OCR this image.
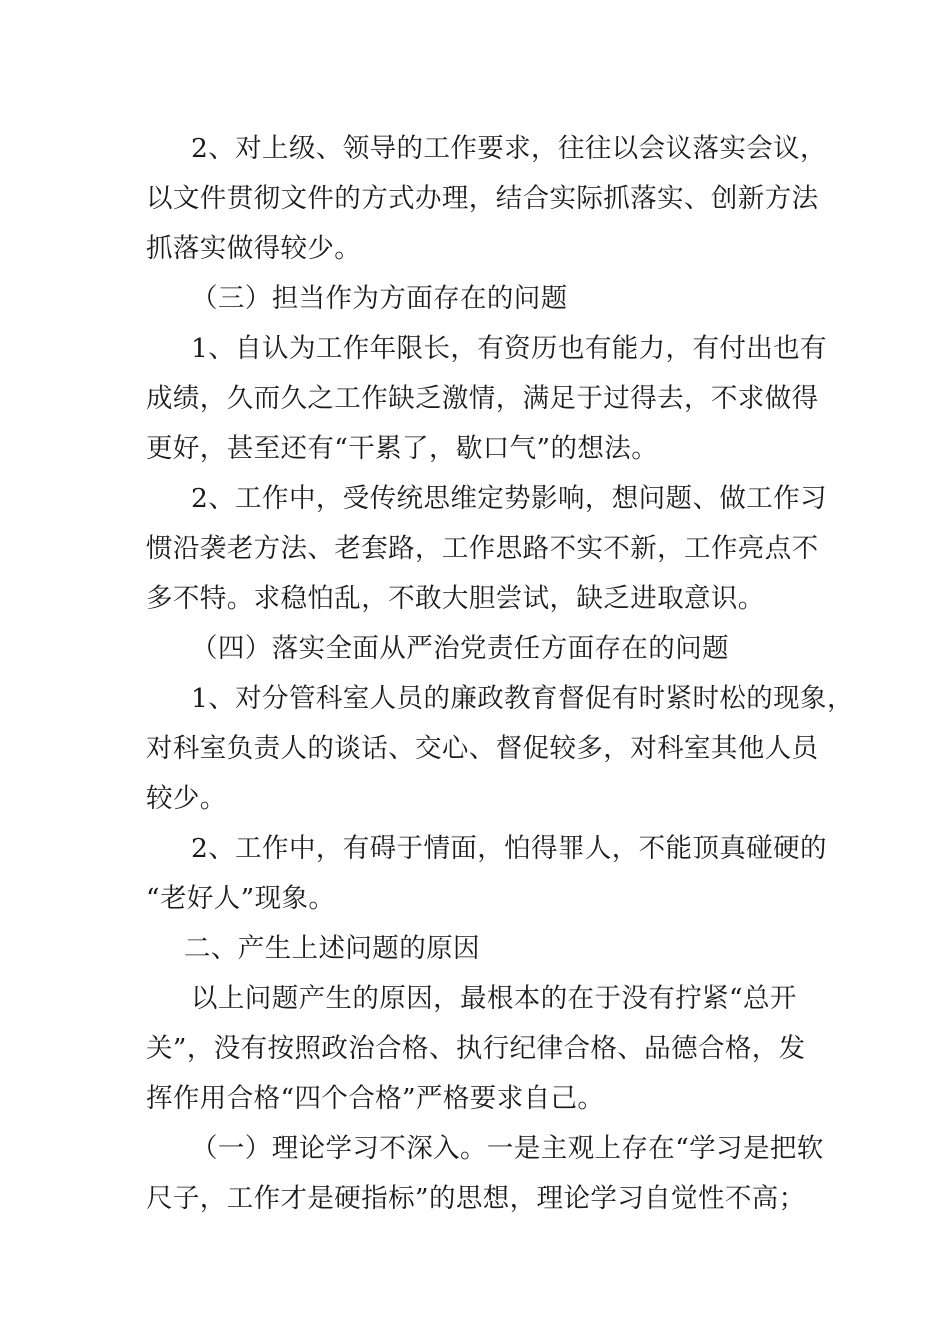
2、对上级、领导的工作要求，往往以会议落实会议，
以文件贯彻文件的方式办理，结合实际抓落实、创新方法
抓落实做得较少。
（三）担当作为方面存在的问题
1、自认为工作年限长，有资历也有能力，有付出也有
成绩，久而久之工作缺乏激情，满足于过得去，不求做得
更好，甚至还有“干累了，歇口气”的想法。
2、工作中，受传统思维定势影响，想问题、做工作习
惯沿袭老方法、老套路，工作思路不实不新，工作亮点不
多不特。求稳怕乱，不敢大胆尝试，缺乏进取意识。
（四）落实全面从严治党责任方面存在的问题
1、对分管科室人员的廉政教育督促有时紧时松的现象，
对科室负责人的谈话、交心、督促较多，对科室其他人员
较少。
2、工作中，有碍于情面，怕得罪人，不能顶真碰硬的
“老好人”现象。
二、产生上述问题的原因
以上问题产生的原因，最根本的在于没有拧紧“总开
关”，没有按照政治合格、执行纪律合格、品德合格，发
挥作用合格“四个合格”严格要求自己。
（一）理论学习不深入。一是主观上存在“学习是把软
尺子，工作才是硬指标”的思想，理论学习自觉性不高；
